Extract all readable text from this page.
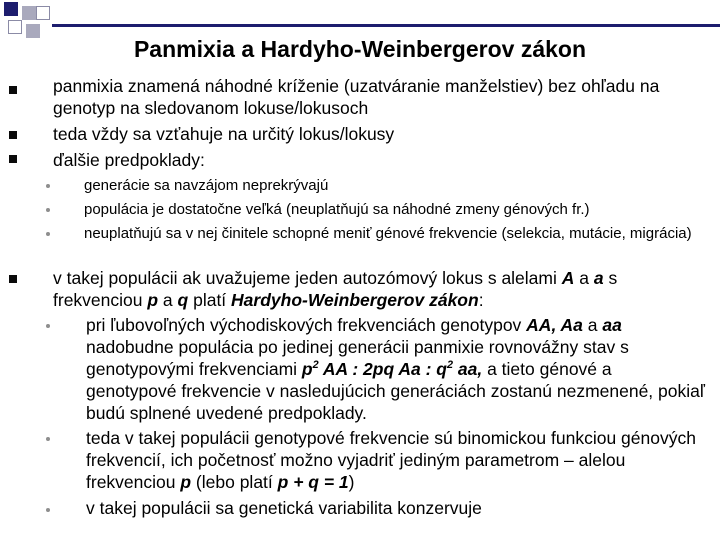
Panmixia a Hardyho-Weinbergerov zákon
panmixia znamená náhodné kríženie (uzatváranie manželstiev) bez ohľadu na genotyp na sledovanom lokuse/lokusoch
teda vždy sa vzťahuje na určitý lokus/lokusy
ďalšie predpoklady:
generácie sa navzájom neprekrývajú
populácia je dostatočne veľká (neuplatňujú sa náhodné zmeny génových fr.)
neuplatňujú sa v nej činitele schopné meniť génové frekvencie (selekcia, mutácie, migrácia)
v takej populácii ak uvažujeme jeden autozómový lokus s alelami A a a s frekvenciou p a q platí Hardyho-Weinbergerov zákon:
pri ľubovoľných východiskových frekvenciách genotypov AA, Aa a aa nadobudne populácia po jedinej generácii panmixie rovnovážny stav s genotypovými frekvenciami $p^2$ AA : 2pq Aa : $q^2$ aa, a tieto génové a genotypové frekvencie v nasledujúcich generáciách zostanú nezmenené, pokiaľ budú splnené uvedené predpoklady.
teda v takej populácii genotypové frekvencie sú binomickou funkciou génových frekvencií, ich početnosť možno vyjadriť jediným parametrom – alelou frekvenciou p (lebo platí p + q = 1)
v takej populácii sa genetická variabilita konzervuje
